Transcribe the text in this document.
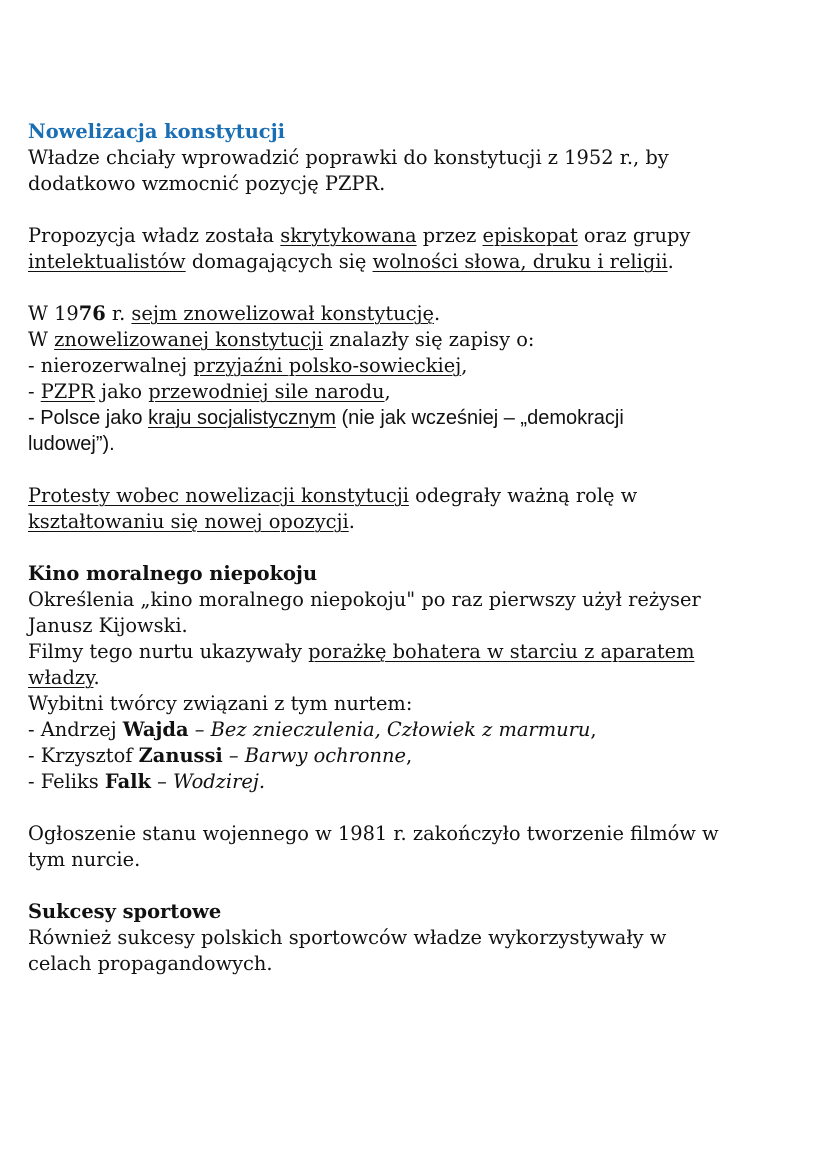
Nowelizacja konstytucji

Władze chciały wprowadzić poprawki do konstytucji z 1952 r., by

dodatkowo wzmocnić pozycję PZPR.

Propozycja władz została skrytykowana przez episkopat oraz grupy

intelektualistów domagających się wolności słowa, druku i religii.

W 1976 r. sejm znowelizował konstytucję.

W znowelizowanej konstytucji znalazły się zapisy o:

- nierozerwalnej przyjaźni polsko-sowieckiej,

- PZPR jako przewodniej sile narodu,

- Polsce jako kraju socjalistycznym (nie jak wcześniej – „demokracji

ludowej”).

Protesty wobec nowelizacji konstytucji odegrały ważną rolę w

kształtowaniu się nowej opozycji.

Kino moralnego niepokoju

Określenia „kino moralnego niepokoju" po raz pierwszy użył reżyser

Janusz Kijowski.

Filmy tego nurtu ukazywały porażkę bohatera w starciu z aparatem

władzy.

Wybitni twórcy związani z tym nurtem:

- Andrzej Wajda – Bez znieczulenia, Człowiek z marmuru,

- Krzysztof Zanussi – Barwy ochronne,

- Feliks Falk – Wodzirej.

Ogłoszenie stanu wojennego w 1981 r. zakończyło tworzenie filmów w

tym nurcie.

Sukcesy sportowe

Również sukcesy polskich sportowców władze wykorzystywały w

celach propagandowych.
